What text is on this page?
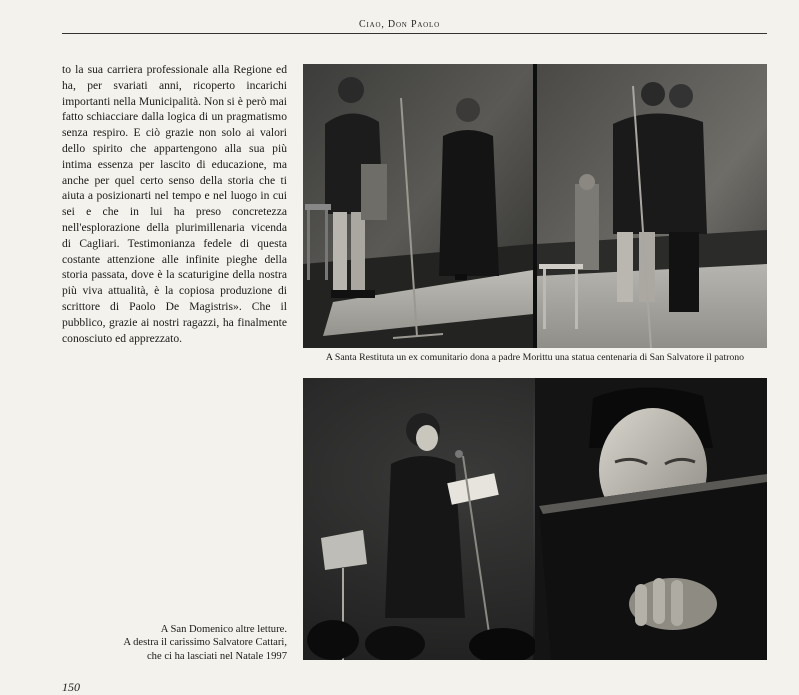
Ciao, Don Paolo

to la sua carriera professionale alla Regione ed ha, per svariati anni, ricoperto incarichi importanti nella Municipalità. Non si è però mai fatto schiacciare dalla logica di un pragmatismo senza respiro. E ciò grazie non solo ai valori dello spirito che appartengono alla sua più intima essenza per lascito di educazione, ma anche per quel certo senso della storia che ti aiuta a posizionarti nel tempo e nel luogo in cui sei e che in lui ha preso concretezza nell'esplorazione della plurimillenaria vicenda di Cagliari. Testimonianza fedele di questa costante attenzione alle infinite pieghe della storia passata, dove è la scaturigine della nostra più viva attualità, è la copiosa produzione di scrittore di Paolo De Magistris». Che il pubblico, grazie ai nostri ragazzi, ha finalmente conosciuto ed apprezzato.

A Santa Restituta un ex comunitario dona a padre Morittu una statua centenaria di San Salvatore il patrono

A San Domenico altre letture.
A destra il carissimo Salvatore Cattari,
che ci ha lasciati nel Natale 1997

150
